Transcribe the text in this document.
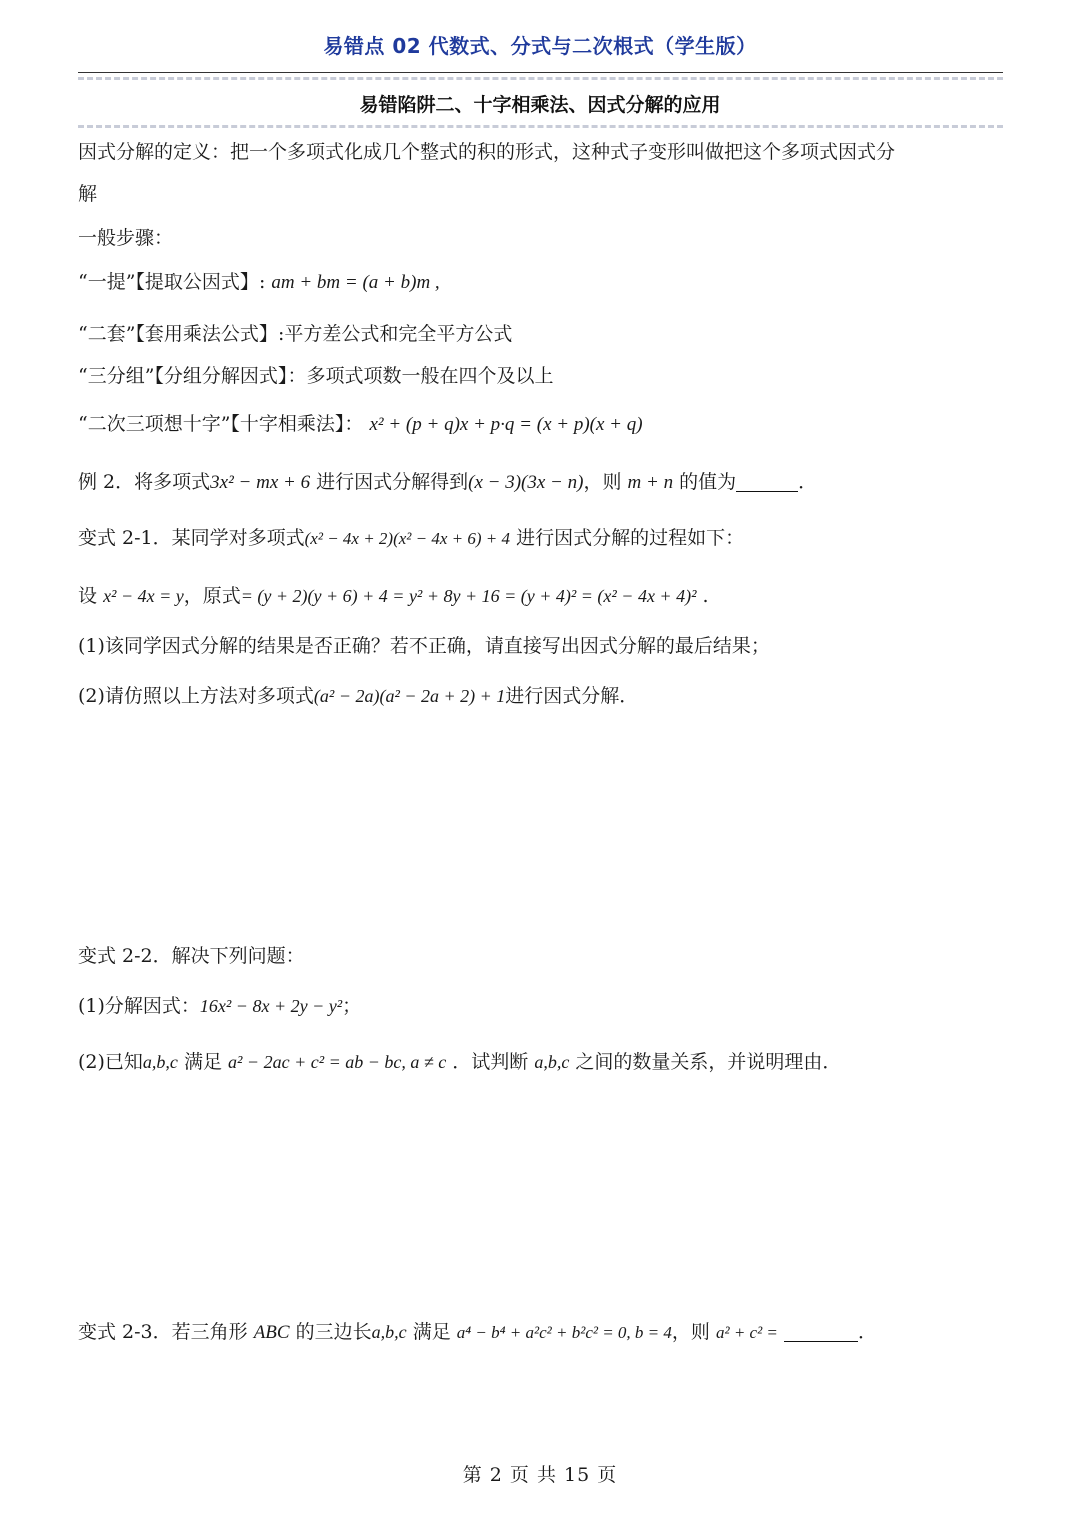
易错点 02 代数式、分式与二次根式（学生版）
易错陷阱二、十字相乘法、因式分解的应用
因式分解的定义：把一个多项式化成几个整式的积的形式，这种式子变形叫做把这个多项式因式分
解
一般步骤：
“一提”【提取公因式】: am + bm = (a + b)m ,
“二套”【套用乘法公式】:平方差公式和完全平方公式
“三分组”【分组分解因式】：多项式项数一般在四个及以上
“二次三项想十字”【十字相乘法】： x² + (p + q)x + p·q = (x + p)(x + q)
例 2．将多项式3x² − mx + 6 进行因式分解得到(x − 3)(3x − n)，则 m + n 的值为	．
变式 2-1．某同学对多项式(x² − 4x + 2)(x² − 4x + 6) + 4 进行因式分解的过程如下：
设 x² − 4x = y，原式= (y + 2)(y + 6) + 4 = y² + 8y + 16 = (y + 4)² = (x² − 4x + 4)² .
(1)该同学因式分解的结果是否正确？若不正确，请直接写出因式分解的最后结果；
(2)请仿照以上方法对多项式(a² − 2a)(a² − 2a + 2) + 1进行因式分解．
变式 2-2．解决下列问题：
(1)分解因式：16x² − 8x + 2y − y²；
(2)已知a,b,c 满足 a² − 2ac + c² = ab − bc, a ≠ c ．试判断 a,b,c 之间的数量关系，并说明理由．
变式 2-3．若三角形 ABC 的三边长a,b,c 满足 a⁴ − b⁴ + a²c² + b²c² = 0, b = 4，则 a² + c² =	．
第 2 页 共 15 页
